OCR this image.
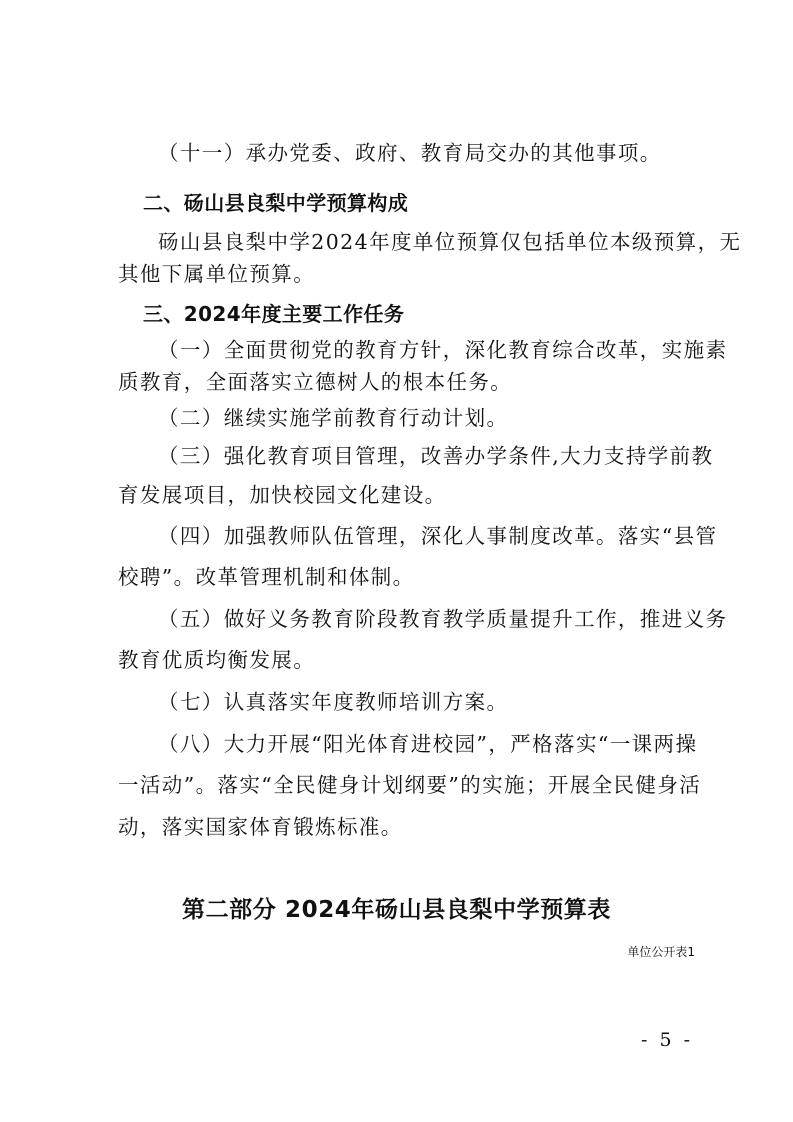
（十一）承办党委、政府、教育局交办的其他事项。
二、砀山县良梨中学预算构成
砀山县良梨中学2024年度单位预算仅包括单位本级预算，无
其他下属单位预算。
三、2024年度主要工作任务
（一）全面贯彻党的教育方针，深化教育综合改革，实施素
质教育，全面落实立德树人的根本任务。
（二）继续实施学前教育行动计划。
（三）强化教育项目管理，改善办学条件,大力支持学前教
育发展项目，加快校园文化建设。
（四）加强教师队伍管理，深化人事制度改革。落实“县管
校聘”。改革管理机制和体制。
（五）做好义务教育阶段教育教学质量提升工作，推进义务
教育优质均衡发展。
（七）认真落实年度教师培训方案。
（八）大力开展“阳光体育进校园”，严格落实“一课两操
一活动”。落实“全民健身计划纲要”的实施；开展全民健身活
动，落实国家体育锻炼标准。
第二部分 2024年砀山县良梨中学预算表
单位公开表1
- 5 -
